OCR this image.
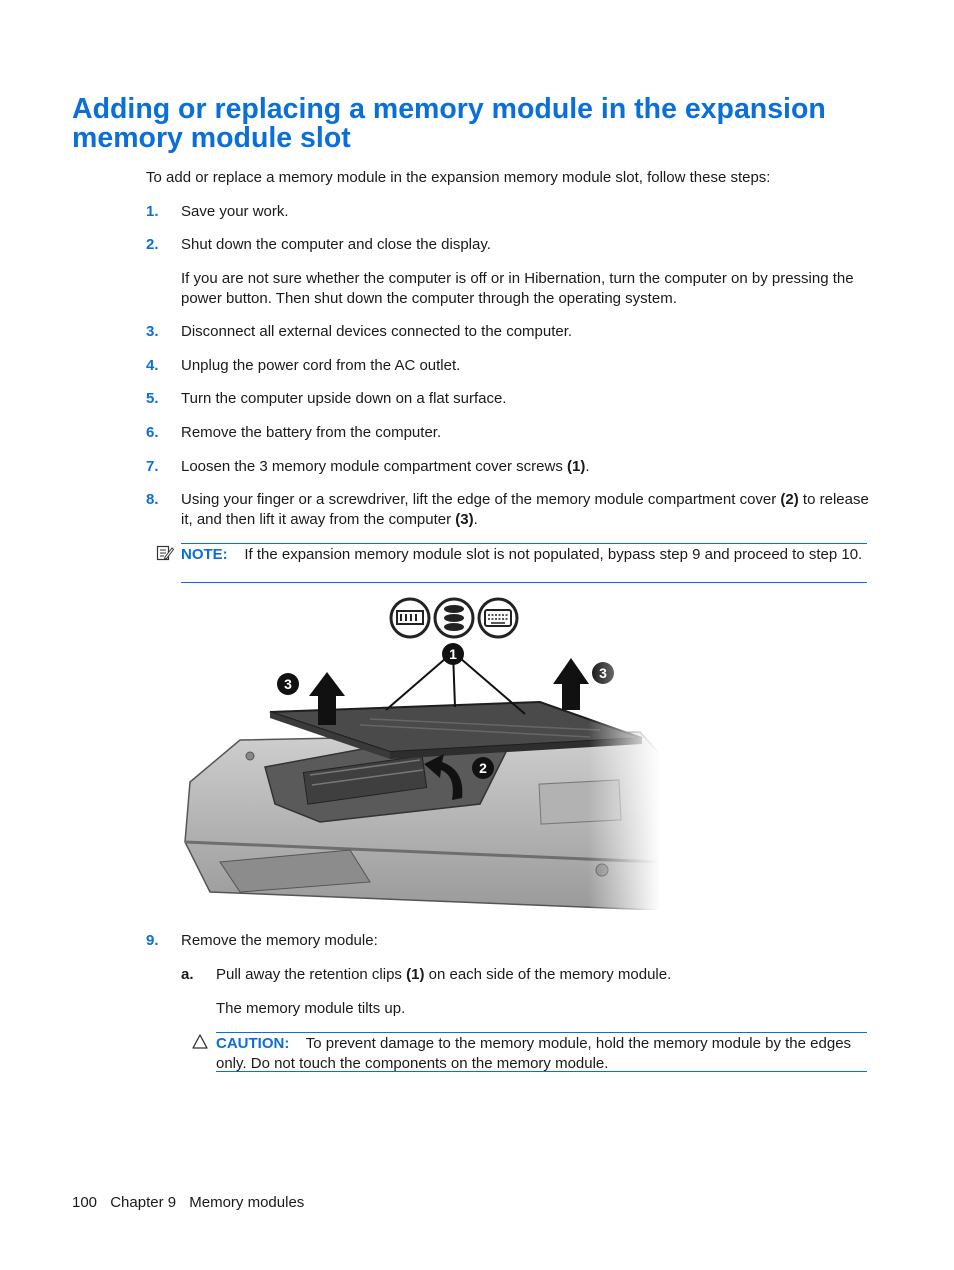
Adding or replacing a memory module in the expansion memory module slot

To add or replace a memory module in the expansion memory module slot, follow these steps:

1. Save your work.
2. Shut down the computer and close the display.
If you are not sure whether the computer is off or in Hibernation, turn the computer on by pressing the power button. Then shut down the computer through the operating system.
3. Disconnect all external devices connected to the computer.
4. Unplug the power cord from the AC outlet.
5. Turn the computer upside down on a flat surface.
6. Remove the battery from the computer.
7. Loosen the 3 memory module compartment cover screws (1).
8. Using your finger or a screwdriver, lift the edge of the memory module compartment cover (2) to release it, and then lift it away from the computer (3).
NOTE: If the expansion memory module slot is not populated, bypass step 9 and proceed to step 10.
9. Remove the memory module:
a. Pull away the retention clips (1) on each side of the memory module.
The memory module tilts up.
CAUTION: To prevent damage to the memory module, hold the memory module by the edges only. Do not touch the components on the memory module.
100 Chapter 9 Memory modules
